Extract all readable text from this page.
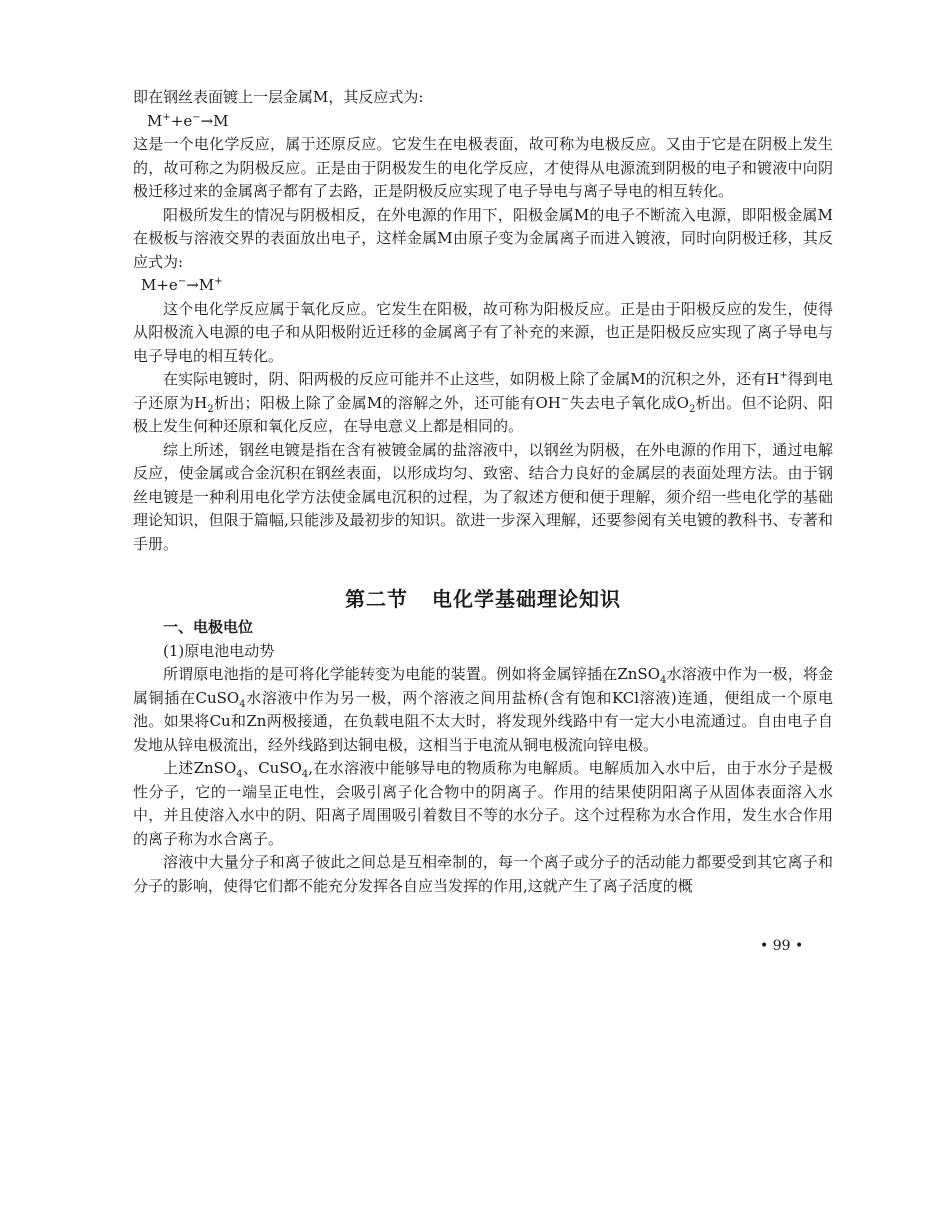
即在钢丝表面镀上一层金属M，其反应式为:

M++e−→M

这是一个电化学反应，属于还原反应。它发生在电极表面，故可称为电极反应。又由于它是在阴极上发生的，故可称之为阴极反应。正是由于阴极发生的电化学反应，才使得从电源流到阴极的电子和镀液中向阴极迁移过来的金属离子都有了去路，正是阴极反应实现了电子导电与离子导电的相互转化。

阳极所发生的情况与阴极相反，在外电源的作用下，阳极金属M的电子不断流入电源，即阳极金属M在极板与溶液交界的表面放出电子，这样金属M由原子变为金属离子而进入镀液，同时向阴极迁移，其反应式为:

M+e−→M+

这个电化学反应属于氧化反应。它发生在阳极，故可称为阳极反应。正是由于阳极反应的发生，使得从阳极流入电源的电子和从阳极附近迁移的金属离子有了补充的来源，也正是阳极反应实现了离子导电与电子导电的相互转化。

在实际电镀时，阴、阳两极的反应可能并不止这些，如阴极上除了金属M的沉积之外，还有H+得到电子还原为$H_2$析出；阳极上除了金属M的溶解之外，还可能有OH−失去电子氧化成$O_2$析出。但不论阴、阳极上发生何种还原和氧化反应，在导电意义上都是相同的。

综上所述，钢丝电镀是指在含有被镀金属的盐溶液中，以钢丝为阴极，在外电源的作用下，通过电解反应，使金属或合金沉积在钢丝表面，以形成均匀、致密、结合力良好的金属层的表面处理方法。由于钢丝电镀是一种利用电化学方法使金属电沉积的过程，为了叙述方便和便于理解，须介绍一些电化学的基础理论知识，但限于篇幅,只能涉及最初步的知识。欲进一步深入理解，还要参阅有关电镀的教科书、专著和手册。

第二节 电化学基础理论知识

一、电极电位

(1)原电池电动势

所谓原电池指的是可将化学能转变为电能的装置。例如将金属锌插在ZnSO$_4$水溶液中作为一极，将金属铜插在CuSO$_4$水溶液中作为另一极，两个溶液之间用盐桥(含有饱和KCl溶液)连通，便组成一个原电池。如果将Cu和Zn两极接通，在负载电阻不太大时，将发现外线路中有一定大小电流通过。自由电子自发地从锌电极流出，经外线路到达铜电极，这相当于电流从铜电极流向锌电极。

上述ZnSO$_4$、CuSO$_4$,在水溶液中能够导电的物质称为电解质。电解质加入水中后，由于水分子是极性分子，它的一端呈正电性，会吸引离子化合物中的阴离子。作用的结果使阴阳离子从固体表面溶入水中，并且使溶入水中的阴、阳离子周围吸引着数目不等的水分子。这个过程称为水合作用，发生水合作用的离子称为水合离子。

溶液中大量分子和离子彼此之间总是互相牵制的，每一个离子或分子的活动能力都要受到其它离子和分子的影响，使得它们都不能充分发挥各自应当发挥的作用,这就产生了离子活度的概

• 99 •
